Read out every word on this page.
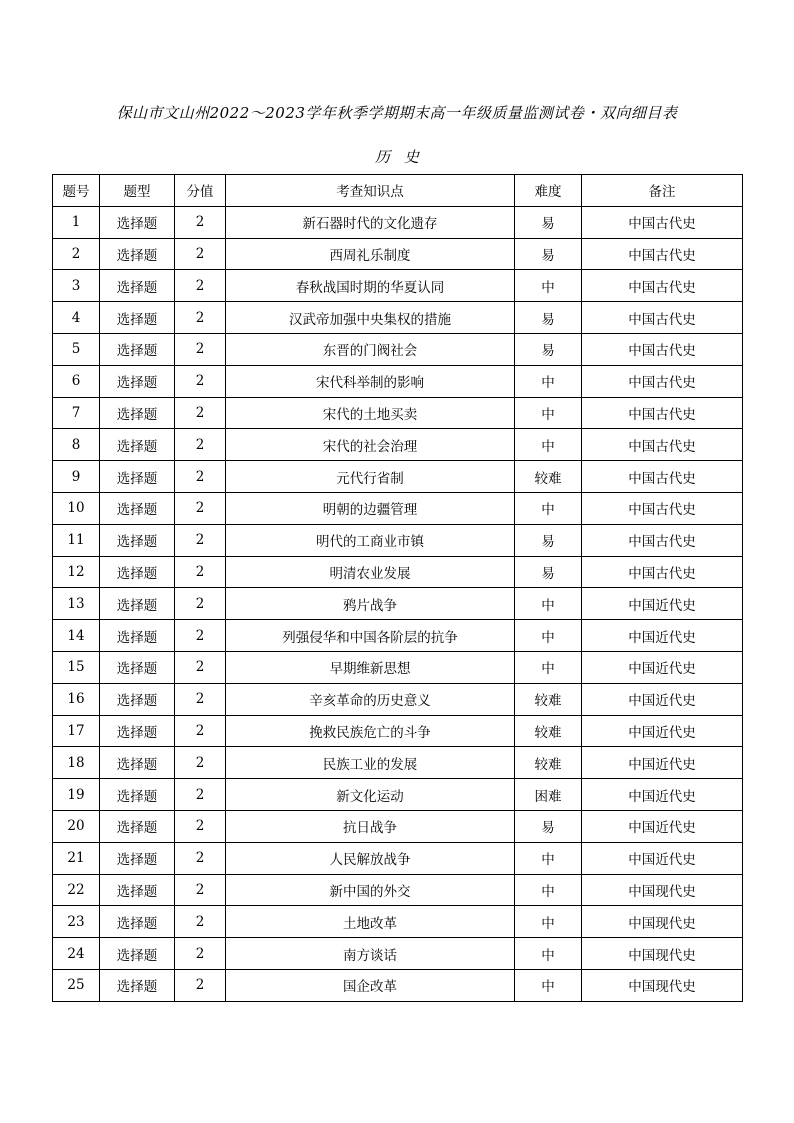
保山市文山州2022～2023学年秋季学期期末高一年级质量监测试卷・双向细目表
历史
题号	题型	分值	考查知识点	难度	备注
1	选择题	2	新石器时代的文化遗存	易	中国古代史
2	选择题	2	西周礼乐制度	易	中国古代史
3	选择题	2	春秋战国时期的华夏认同	中	中国古代史
4	选择题	2	汉武帝加强中央集权的措施	易	中国古代史
5	选择题	2	东晋的门阀社会	易	中国古代史
6	选择题	2	宋代科举制的影响	中	中国古代史
7	选择题	2	宋代的土地买卖	中	中国古代史
8	选择题	2	宋代的社会治理	中	中国古代史
9	选择题	2	元代行省制	较难	中国古代史
10	选择题	2	明朝的边疆管理	中	中国古代史
11	选择题	2	明代的工商业市镇	易	中国古代史
12	选择题	2	明清农业发展	易	中国古代史
13	选择题	2	鸦片战争	中	中国近代史
14	选择题	2	列强侵华和中国各阶层的抗争	中	中国近代史
15	选择题	2	早期维新思想	中	中国近代史
16	选择题	2	辛亥革命的历史意义	较难	中国近代史
17	选择题	2	挽救民族危亡的斗争	较难	中国近代史
18	选择题	2	民族工业的发展	较难	中国近代史
19	选择题	2	新文化运动	困难	中国近代史
20	选择题	2	抗日战争	易	中国近代史
21	选择题	2	人民解放战争	中	中国近代史
22	选择题	2	新中国的外交	中	中国现代史
23	选择题	2	土地改革	中	中国现代史
24	选择题	2	南方谈话	中	中国现代史
25	选择题	2	国企改革	中	中国现代史
